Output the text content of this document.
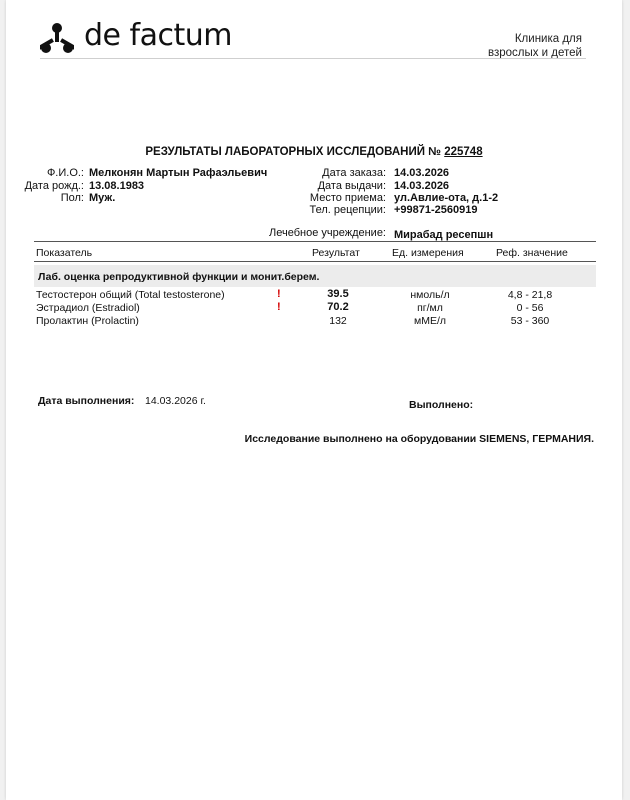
de factum	Клиника для
взрослых и детей
РЕЗУЛЬТАТЫ ЛАБОРАТОРНЫХ ИССЛЕДОВАНИЙ № 225748
Ф.И.О.: Мелконян Мартын Рафаэльевич
Дата рожд.: 13.08.1983
Пол: Муж.
Дата заказа: 14.03.2026
Дата выдачи: 14.03.2026
Место приема: ул.Авлие-ота, д.1-2
Тел. рецепции: +99871-2560919
Лечебное учреждение: Мирабад ресепшн
Показатель	Результат	Ед. измерения	Реф. значение
Лаб. оценка репродуктивной функции и монит.берем.
Тестостерон общий (Total testosterone)	!	39.5	нмоль/л	4,8 - 21,8
Эстрадиол (Estradiol)	!	70.2	пг/мл	0 - 56
Пролактин (Prolactin)	132	мМЕ/л	53 - 360
Дата выполнения: 14.03.2026 г.	Выполнено:
Исследование выполнено на оборудовании SIEMENS, ГЕРМАНИЯ.
